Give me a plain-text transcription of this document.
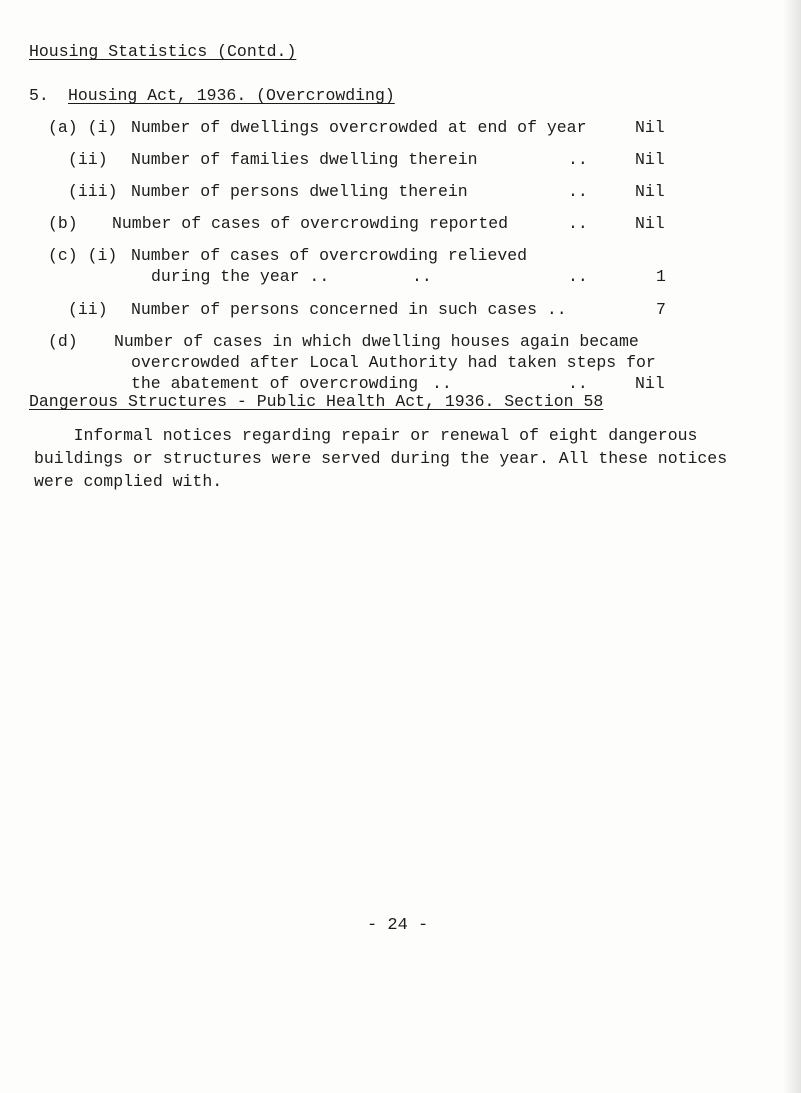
Housing Statistics (Contd.)
5. Housing Act, 1936. (Overcrowding)
(a) (i) Number of dwellings overcrowded at end of year	Nil
(ii) Number of families dwelling therein	..	Nil
(iii) Number of persons dwelling therein	..	Nil
(b) Number of cases of overcrowding reported	..	Nil
(c) (i) Number of cases of overcrowding relieved
during the year ..	..	..	1
(ii) Number of persons concerned in such cases ..	7
(d) Number of cases in which dwelling houses again became
overcrowded after Local Authority had taken steps for
the abatement of overcrowding ..	..	Nil
Dangerous Structures - Public Health Act, 1936. Section 58
Informal notices regarding repair or renewal of eight dangerous
buildings or structures were served during the year. All these notices
were complied with.
- 24 -
